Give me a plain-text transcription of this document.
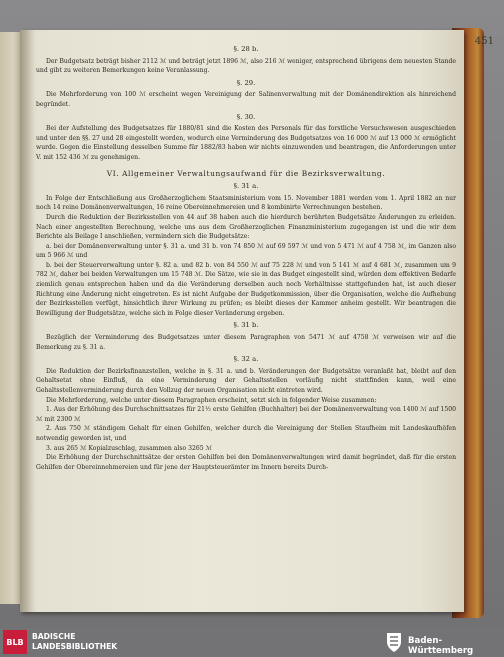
451
§. 28 b.

Der Budgetsatz beträgt bisher 2112 ℳ und beträgt jetzt 1896 ℳ, also 216 ℳ weniger, entsprechend übrigens dem neuesten Stande und gibt zu weiteren Bemerkungen keine Veranlassung.

§. 29.

Die Mehrforderung von 100 ℳ erscheint wegen Vereinigung der Salinenverwaltung mit der Domänendirektion als hinreichend begründet.

§. 30.

Bei der Aufstellung des Budgetsatzes für 1880/81 sind die Kosten des Personals für das forstliche Versuchswesen ausgeschieden und unter den §§. 27 und 28 eingestellt worden, wodurch eine Verminderung des Budgetsatzes von 16 000 ℳ auf 13 000 ℳ ermöglicht wurde. Gegen die Einstellung desselben Summe für 1882/83 haben wir nichts einzuwenden und beantragen, die Anforderungen unter V. mit 152 436 ℳ zu genehmigen.

VI. Allgemeiner Verwaltungsaufwand für die Bezirksverwaltung.
§. 31 a.

In Folge der Entschließung aus Großherzoglichem Staatsministerium vom 15. November 1881 werden vom 1. April 1882 an nur noch 14 reine Domänenverwaltungen, 16 reine Obereinnehmereien und 8 kombinirte Verrechnungen bestehen.

Durch die Reduktion der Bezirksstellen von 44 auf 38 haben auch die hierdurch berührten Budgetsätze Änderungen zu erleiden. Nach einer angestellten Berechnung, welche uns aus dem Großherzoglichen Finanzministerium zugegangen ist und die wir dem Berichte als Beilage I anschließen, vermindern sich die Budgetsätze:

a. bei der Domänenverwaltung unter §. 31 a. und 31 b. von 74 850 ℳ auf 69 597 ℳ und von 5 471 ℳ auf 4 758 ℳ, im Ganzen also um 5 966 ℳ und

b. bei der Steuerverwaltung unter §. 82 a. und 82 b. von 84 550 ℳ auf 75 228 ℳ und von 5 141 ℳ auf 4 681 ℳ, zusammen um 9 782 ℳ, daher bei beiden Verwaltungen um 15 748 ℳ. Die Sätze, wie sie in das Budget eingestellt sind, würden dem effektiven Bedarfe ziemlich genau entsprechen haben und da die Veränderung derselben auch noch Verhältnisse stattgefunden hat, ist auch dieser Richtung eine Änderung nicht eingetreten. Es ist nicht Aufgabe der Budgetkommission, über die Organisation, welche die Aufhebung der Bezirksstellen verfügt, hinsichtlich ihrer Wirkung zu prüfen; es bleibt dieses der Kammer anheim gestellt. Wir beantragen die Bewilligung der Budgetsätze, welche sich in Folge dieser Veränderung ergeben.

§. 31 b.

Bezüglich der Verminderung des Budgetsatzes unter diesem Paragraphen von 5471 ℳ auf 4758 ℳ verweisen wir auf die Bemerkung zu §. 31 a.

§. 32 a.

Die Reduktion der Bezirksfinanzstellen, welche in §. 31 a. und b. Veränderungen der Budgetsätze veranlaßt hat, bleibt auf den Gehaltsetat ohne Einfluß, da eine Verminderung der Gehaltsstellen vorläufig nicht stattfinden kann, weil eine Gehaltsstellenverminderung durch den Vollzug der neuen Organisation nicht eintreten wird.

Die Mehrforderung, welche unter diesem Paragraphen erscheint, setzt sich in folgender Weise zusammen:

1. Aus der Erhöhung des Durchschnittsatzes für 21½ erste Gehilfen (Buchhalter) bei der Domänenverwaltung von 1400 ℳ auf 1500 ℳ mit 2300 ℳ

2. Aus 750 ℳ ständigem Gehalt für einen Gehilfen, welcher durch die Vereinigung der Stellen Staufheim mit Landeskaufhöfen notwendig geworden ist, und

3. aus 265 ℳ Kopialzuschlag, zusammen also 3265 ℳ

Die Erhöhung der Durchschnittsätze der ersten Gehilfen bei den Domänenverwaltungen wird damit begründet, daß für die ersten Gehilfen der Obereinnehmereien und für jene der Hauptsteuerämter im Innern bereits Durch-

BLB
BADISCHE
LANDESBIBLIOTHEK
Baden-Württemberg
